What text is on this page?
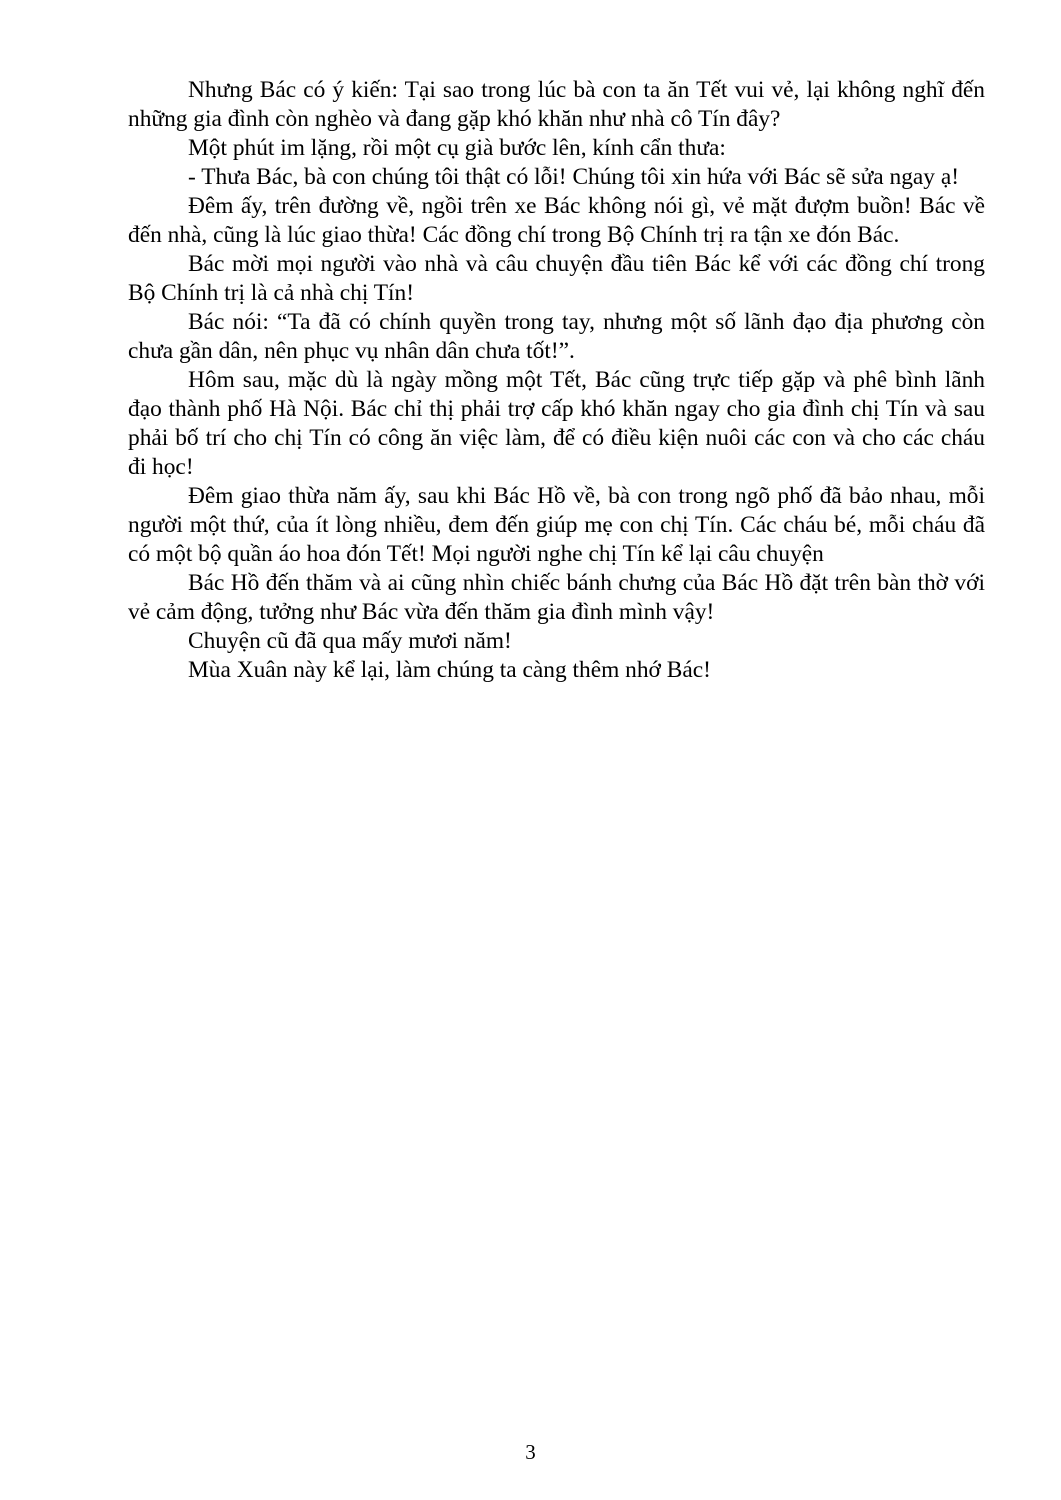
Nhưng Bác có ý kiến: Tại sao trong lúc bà con ta ăn Tết vui vẻ, lại không nghĩ đến những gia đình còn nghèo và đang gặp khó khăn như nhà cô Tín đây?

Một phút im lặng, rồi một cụ già bước lên, kính cẩn thưa:

- Thưa Bác, bà con chúng tôi thật có lỗi! Chúng tôi xin hứa với Bác sẽ sửa ngay ạ!

Đêm ấy, trên đường về, ngồi trên xe Bác không nói gì, vẻ mặt đượm buồn! Bác về đến nhà, cũng là lúc giao thừa! Các đồng chí trong Bộ Chính trị ra tận xe đón Bác.

Bác mời mọi người vào nhà và câu chuyện đầu tiên Bác kể với các đồng chí trong Bộ Chính trị là cả nhà chị Tín!

Bác nói: “Ta đã có chính quyền trong tay, nhưng một số lãnh đạo địa phương còn chưa gần dân, nên phục vụ nhân dân chưa tốt!”.

Hôm sau, mặc dù là ngày mồng một Tết, Bác cũng trực tiếp gặp và phê bình lãnh đạo thành phố Hà Nội. Bác chỉ thị phải trợ cấp khó khăn ngay cho gia đình chị Tín và sau phải bố trí cho chị Tín có công ăn việc làm, để có điều kiện nuôi các con và cho các cháu đi học!

Đêm giao thừa năm ấy, sau khi Bác Hồ về, bà con trong ngõ phố đã bảo nhau, mỗi người một thứ, của ít lòng nhiều, đem đến giúp mẹ con chị Tín. Các cháu bé, mỗi cháu đã có một bộ quần áo hoa đón Tết! Mọi người nghe chị Tín kể lại câu chuyện

Bác Hồ đến thăm và ai cũng nhìn chiếc bánh chưng của Bác Hồ đặt trên bàn thờ với vẻ cảm động, tưởng như Bác vừa đến thăm gia đình mình vậy!

Chuyện cũ đã qua mấy mươi năm!

Mùa Xuân này kể lại, làm chúng ta càng thêm nhớ Bác!

3
